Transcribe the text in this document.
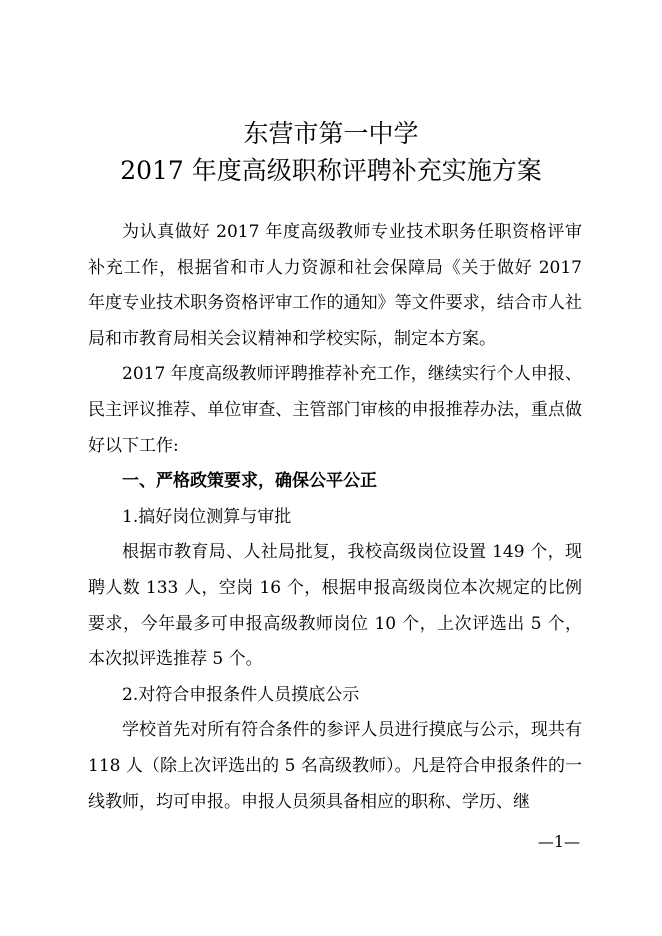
东营市第一中学
2017 年度高级职称评聘补充实施方案

为认真做好 2017 年度高级教师专业技术职务任职资格评审补充工作，根据省和市人力资源和社会保障局《关于做好 2017 年度专业技术职务资格评审工作的通知》等文件要求，结合市人社局和市教育局相关会议精神和学校实际，制定本方案。

2017 年度高级教师评聘推荐补充工作，继续实行个人申报、民主评议推荐、单位审查、主管部门审核的申报推荐办法，重点做好以下工作:

一、严格政策要求，确保公平公正

1.搞好岗位测算与审批

根据市教育局、人社局批复，我校高级岗位设置 149 个，现聘人数 133 人，空岗 16 个，根据申报高级岗位本次规定的比例要求，今年最多可申报高级教师岗位 10 个，上次评选出 5 个，本次拟评选推荐 5 个。

2.对符合申报条件人员摸底公示

学校首先对所有符合条件的参评人员进行摸底与公示，现共有 118 人（除上次评选出的 5 名高级教师）。凡是符合申报条件的一线教师，均可申报。申报人员须具备相应的职称、学历、继

—1—
